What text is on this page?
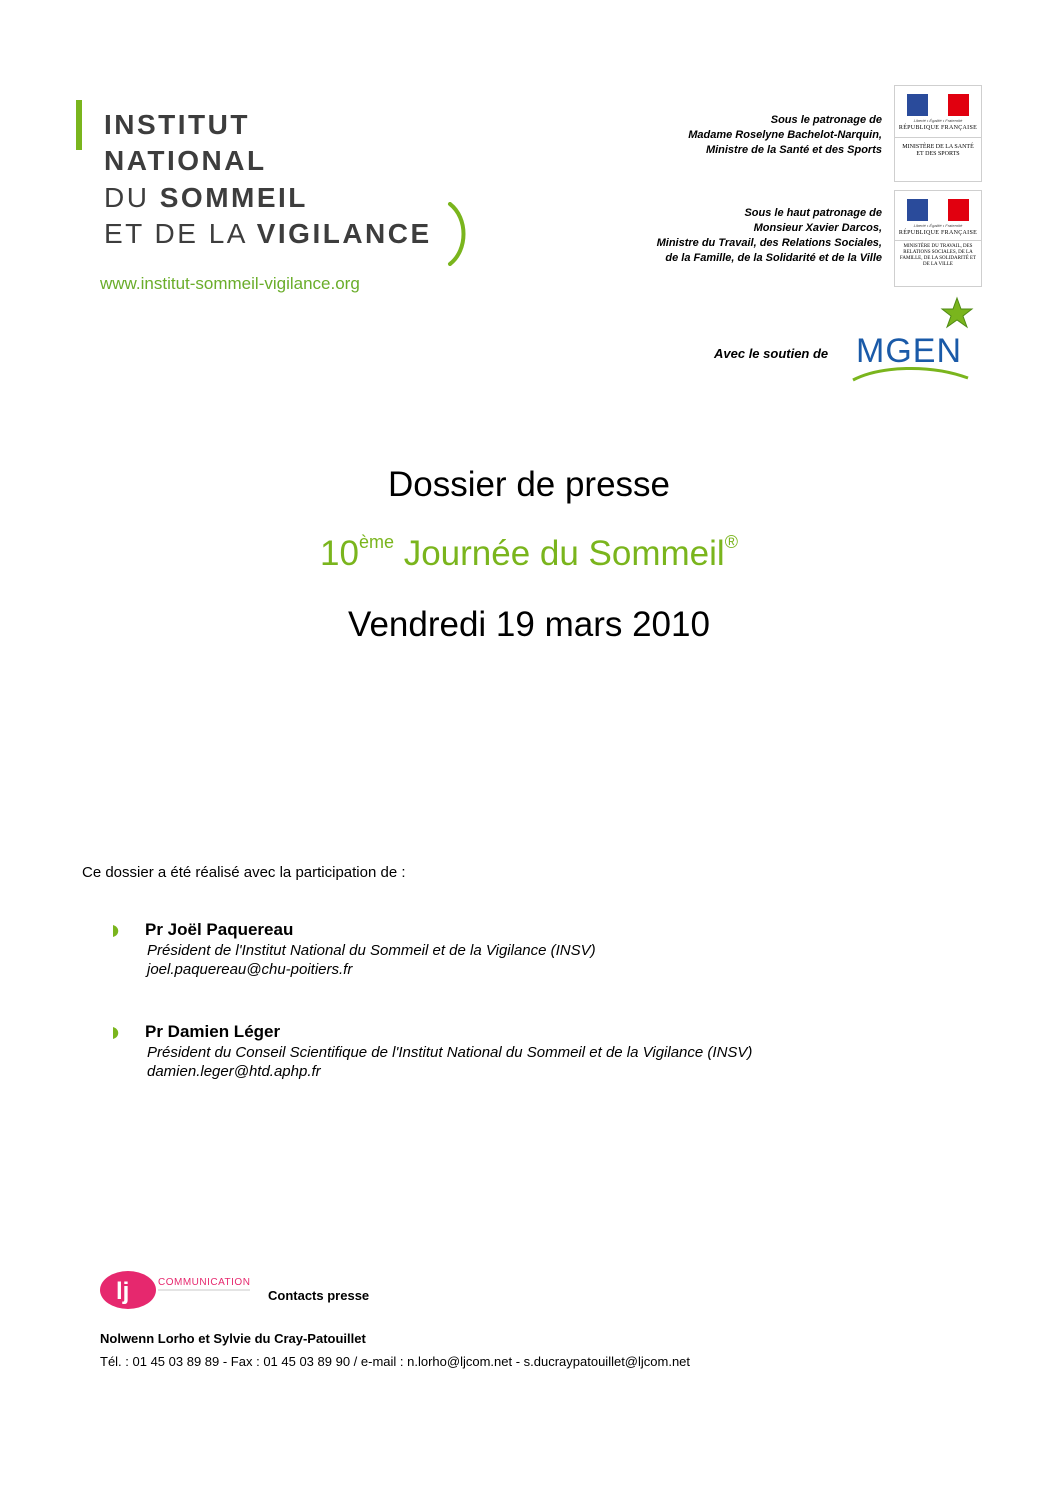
INSTITUT
NATIONAL
DU SOMMEIL
ET DE LA VIGILANCE
www.institut-sommeil-vigilance.org
Sous le patronage de
Madame Roselyne Bachelot-Narquin,
Ministre de la Santé et des Sports
Liberté • Égalité • Fraternité
RÉPUBLIQUE FRANÇAISE
MINISTÈRE DE LA SANTÉ ET DES SPORTS
Sous le haut patronage de
Monsieur Xavier Darcos,
Ministre du Travail, des Relations Sociales,
de la Famille, de la Solidarité et de la Ville
Liberté • Égalité • Fraternité
RÉPUBLIQUE FRANÇAISE
MINISTÈRE DU TRAVAIL, DES RELATIONS SOCIALES, DE LA FAMILLE, DE LA SOLIDARITÉ ET DE LA VILLE
Avec le soutien de MGEN
Dossier de presse
10ème Journée du Sommeil®
Vendredi 19 mars 2010
Ce dossier a été réalisé avec la participation de :
Pr Joël Paquereau
Président de l'Institut National du Sommeil et de la Vigilance (INSV)
joel.paquereau@chu-poitiers.fr
Pr Damien Léger
Président du Conseil Scientifique de l'Institut National du Sommeil et de la Vigilance (INSV)
damien.leger@htd.aphp.fr
lj	COMMUNICATION
Contacts presse
Nolwenn Lorho et Sylvie du Cray-Patouillet
Tél. : 01 45 03 89 89 - Fax : 01 45 03 89 90 / e-mail : n.lorho@ljcom.net - s.ducraypatouillet@ljcom.net
